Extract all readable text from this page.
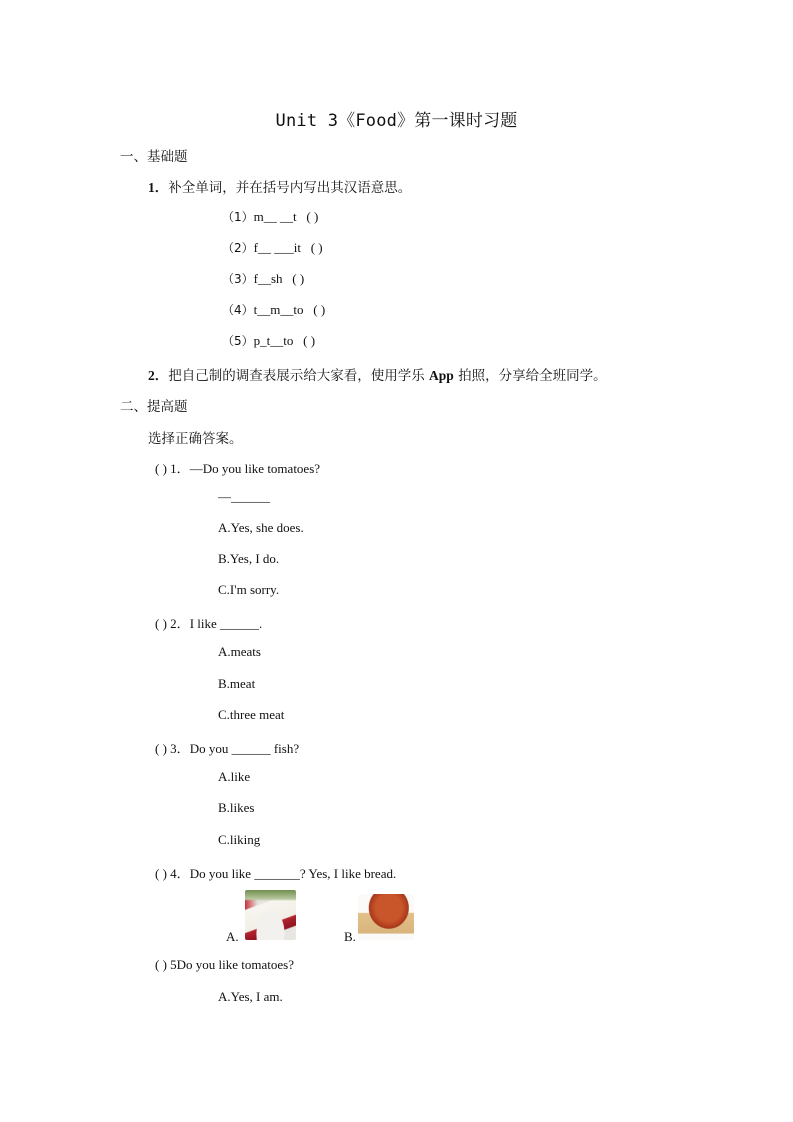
Unit 3《Food》第一课时习题
一、基础题
1．补全单词，并在括号内写出其汉语意思。
（1）m__ __t ( )
（2）f__ ___it ( )
（3）f__sh ( )
（4）t__m__to ( )
（5）p_t__to ( )
2．把自己制的调查表展示给大家看，使用学乐 App 拍照，分享给全班同学。
二、提高题
选择正确答案。
( ) 1．—Do you like tomatoes?
—______
A.Yes, she does.
B.Yes, I do.
C.I'm sorry.
( ) 2．I like ______.
A.meats
B.meat
C.three meat
( ) 3．Do you ______ fish?
A.like
B.likes
C.liking
( ) 4．Do you like _______? Yes, I like bread.
A.	B.
( ) 5Do you like tomatoes?
A.Yes, I am.
